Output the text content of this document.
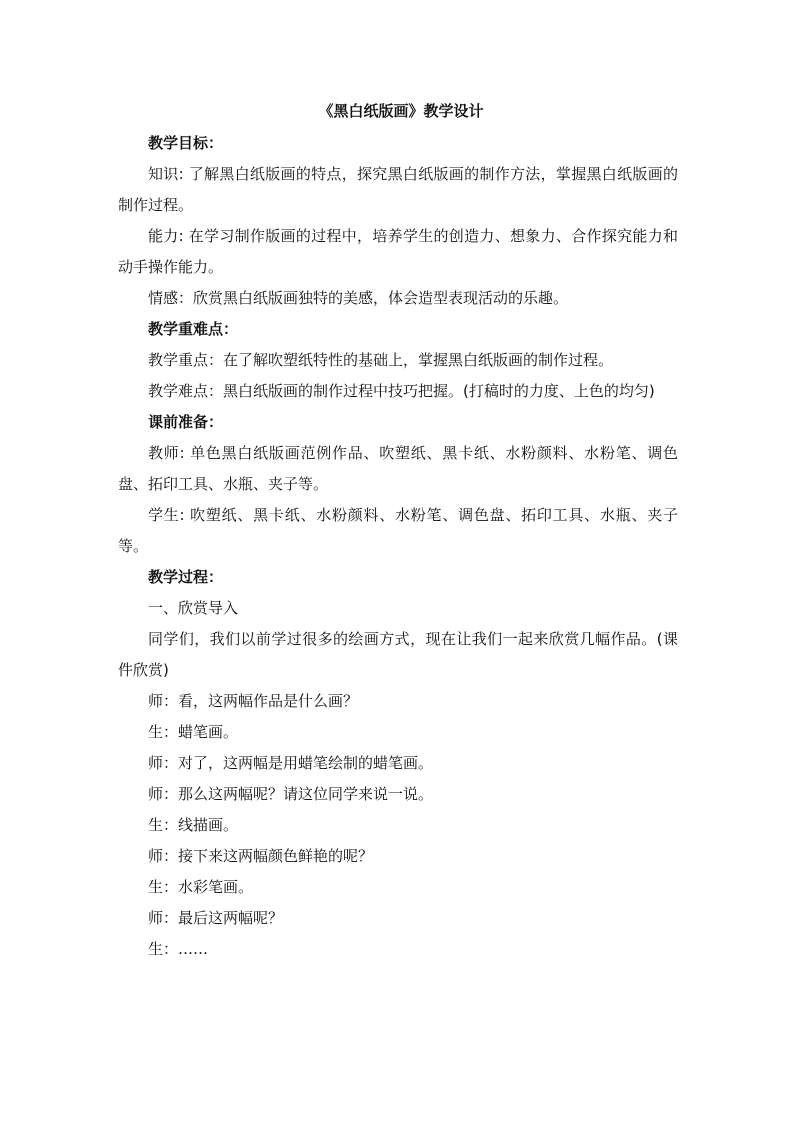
《黑白纸版画》教学设计
教学目标：

知识: 了解黑白纸版画的特点，探究黑白纸版画的制作方法，掌握黑白纸版画的制作过程。

能力: 在学习制作版画的过程中，培养学生的创造力、想象力、合作探究能力和动手操作能力。

情感：欣赏黑白纸版画独特的美感，体会造型表现活动的乐趣。

教学重难点：

教学重点：在了解吹塑纸特性的基础上，掌握黑白纸版画的制作过程。

教学难点：黑白纸版画的制作过程中技巧把握。(打稿时的力度、上色的均匀)

课前准备：

教师: 单色黑白纸版画范例作品、吹塑纸、黑卡纸、水粉颜料、水粉笔、调色盘、拓印工具、水瓶、夹子等。

学生: 吹塑纸、黑卡纸、水粉颜料、水粉笔、调色盘、拓印工具、水瓶、夹子等。

教学过程：

一、欣赏导入

同学们，我们以前学过很多的绘画方式，现在让我们一起来欣赏几幅作品。(课件欣赏)

师：看，这两幅作品是什么画？

生：蜡笔画。

师：对了，这两幅是用蜡笔绘制的蜡笔画。

师：那么这两幅呢？请这位同学来说一说。

生：线描画。

师：接下来这两幅颜色鲜艳的呢？

生：水彩笔画。

师：最后这两幅呢？

生：……
